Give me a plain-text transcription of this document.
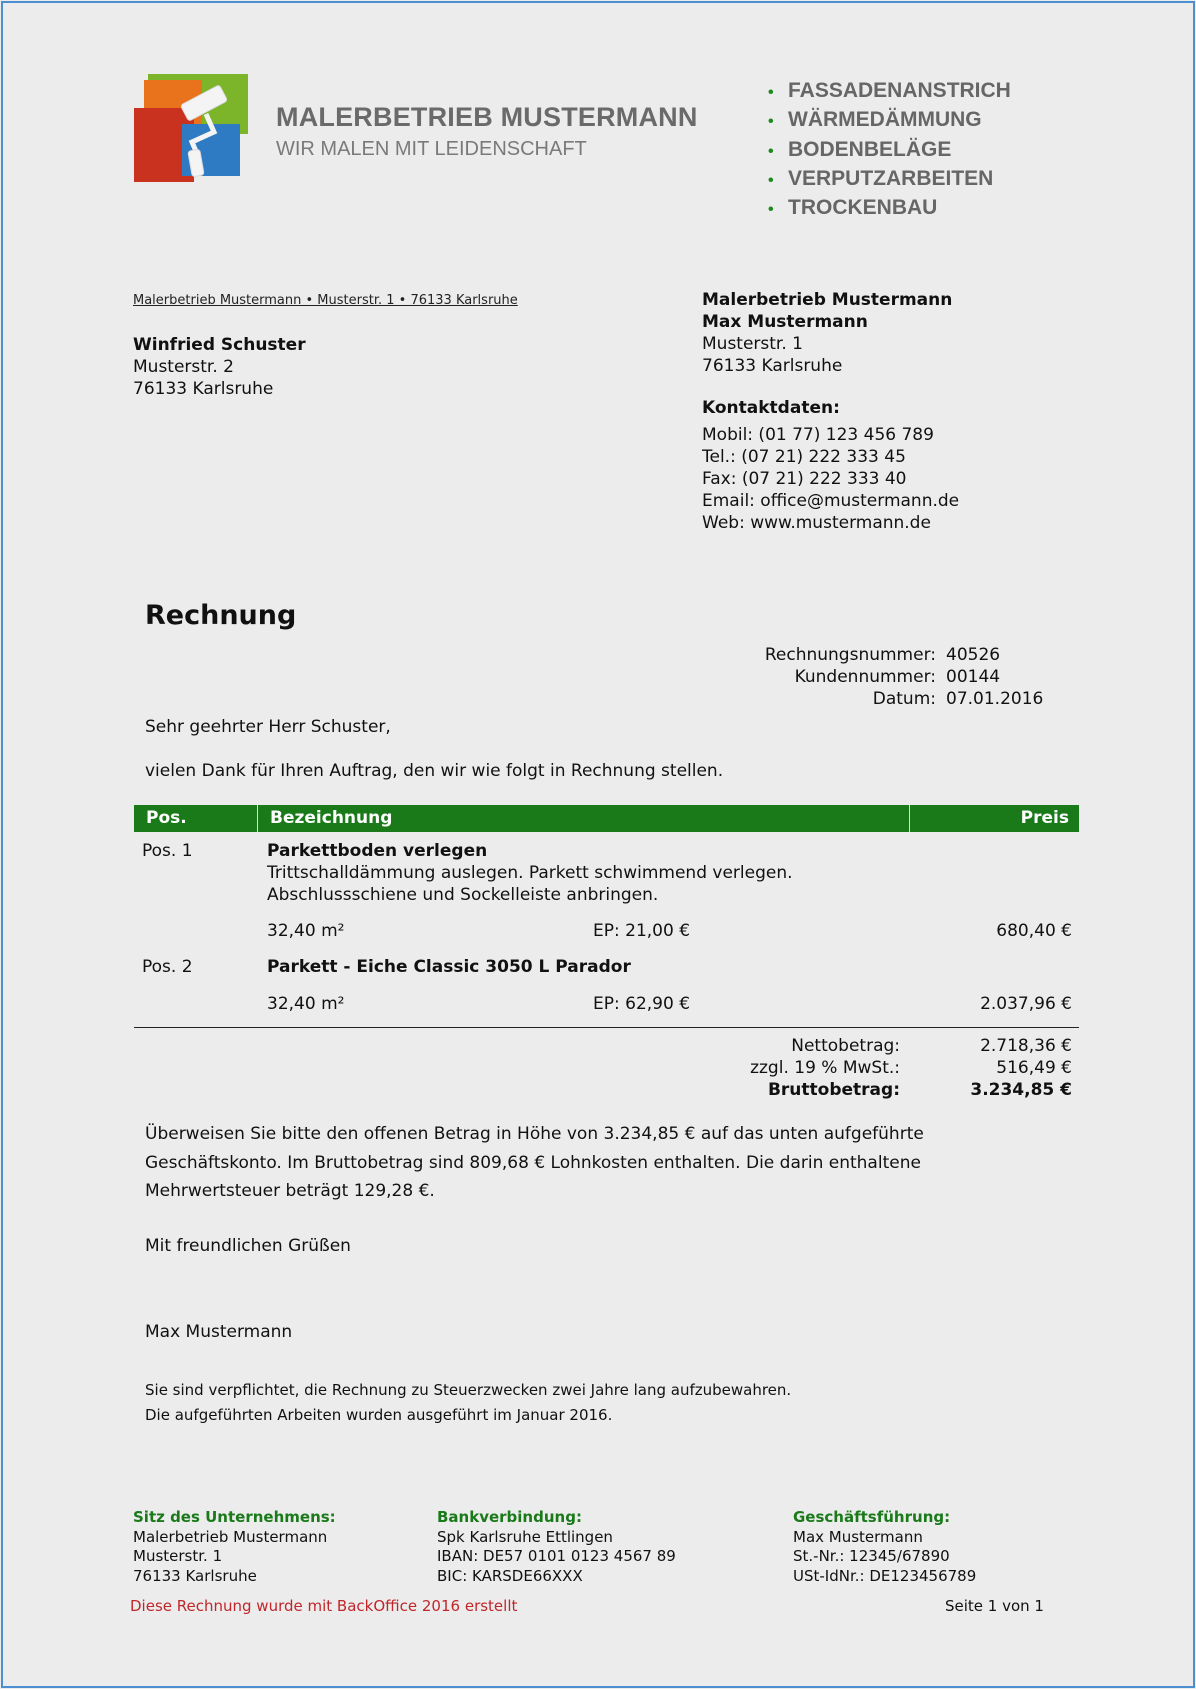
MALERBETRIEB MUSTERMANN
WIR MALEN MIT LEIDENSCHAFT
• FASSADENANSTRICH
• WÄRMEDÄMMUNG
• BODENBELÄGE
• VERPUTZARBEITEN
• TROCKENBAU
Malerbetrieb Mustermann • Musterstr. 1 • 76133 Karlsruhe
Winfried Schuster
Musterstr. 2
76133 Karlsruhe
Malerbetrieb Mustermann
Max Mustermann
Musterstr. 1
76133 Karlsruhe
Kontaktdaten:
Mobil: (01 77) 123 456 789
Tel.: (07 21) 222 333 45
Fax: (07 21) 222 333 40
Email: office@mustermann.de
Web: www.mustermann.de
Rechnung
Rechnungsnummer:	40526
Kundennummer:	00144
Datum:	07.01.2016
Sehr geehrter Herr Schuster,
vielen Dank für Ihren Auftrag, den wir wie folgt in Rechnung stellen.
Pos.	Bezeichnung	Preis
Pos. 1	Parkettboden verlegen
Trittschalldämmung auslegen. Parkett schwimmend verlegen.
Abschlussschiene und Sockelleiste anbringen.
32,40 m²	EP: 21,00 €	680,40 €
Pos. 2	Parkett - Eiche Classic 3050 L Parador
32,40 m²	EP: 62,90 €	2.037,96 €
Nettobetrag:	2.718,36 €
zzgl. 19 % MwSt.:	516,49 €
Bruttobetrag:	3.234,85 €
Überweisen Sie bitte den offenen Betrag in Höhe von 3.234,85 € auf das unten aufgeführte
Geschäftskonto. Im Bruttobetrag sind 809,68 € Lohnkosten enthalten. Die darin enthaltene
Mehrwertsteuer beträgt 129,28 €.
Mit freundlichen Grüßen
Max Mustermann
Sie sind verpflichtet, die Rechnung zu Steuerzwecken zwei Jahre lang aufzubewahren.
Die aufgeführten Arbeiten wurden ausgeführt im Januar 2016.
Sitz des Unternehmens:
Malerbetrieb Mustermann
Musterstr. 1
76133 Karlsruhe
Bankverbindung:
Spk Karlsruhe Ettlingen
IBAN: DE57 0101 0123 4567 89
BIC: KARSDE66XXX
Geschäftsführung:
Max Mustermann
St.-Nr.: 12345/67890
USt-IdNr.: DE123456789
Diese Rechnung wurde mit BackOffice 2016 erstellt	Seite 1 von 1
